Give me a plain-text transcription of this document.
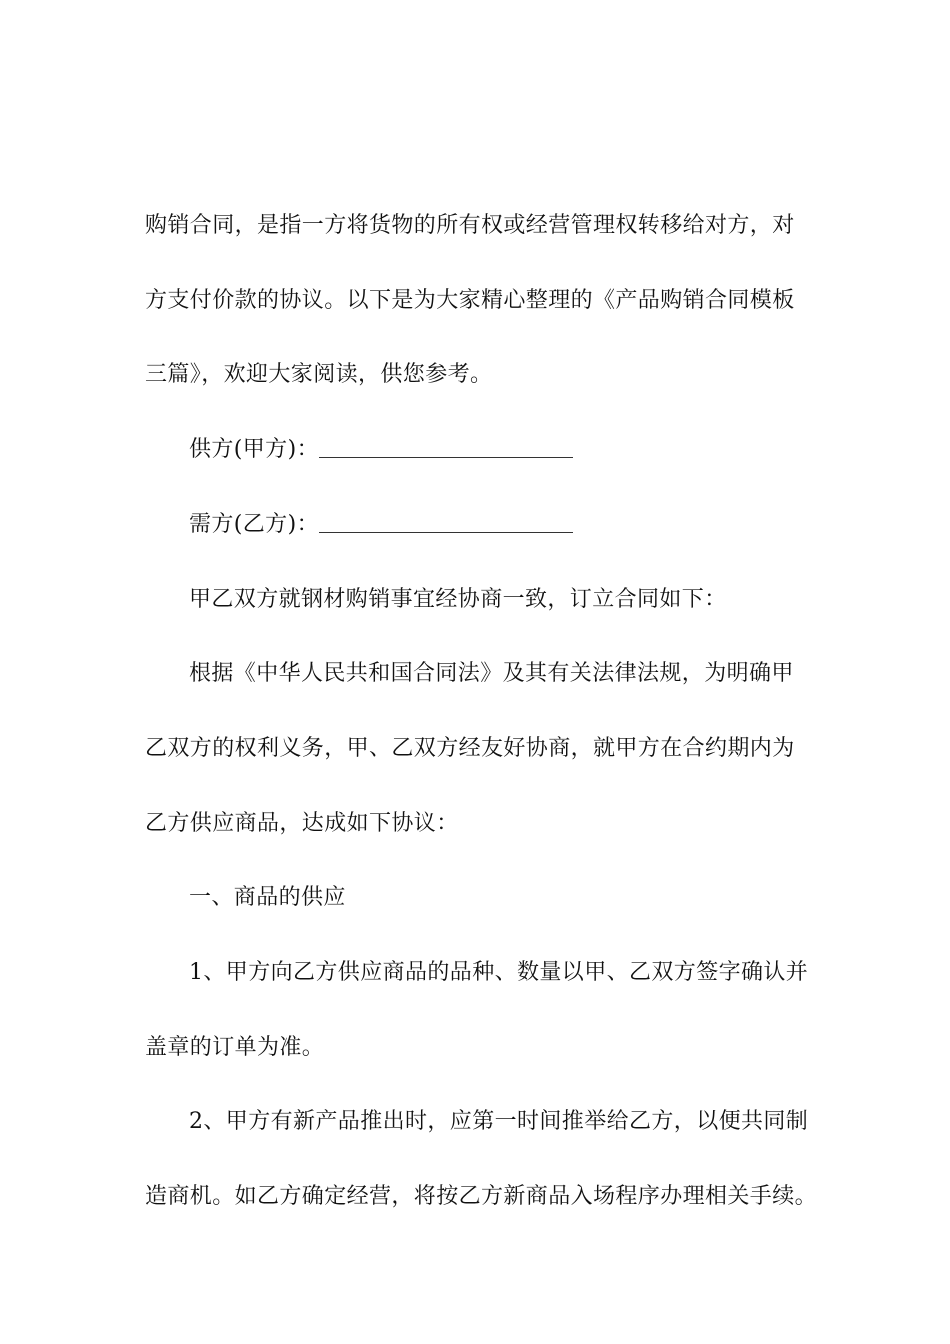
购销合同，是指一方将货物的所有权或经营管理权转移给对方，对
方支付价款的协议。以下是为大家精心整理的《产品购销合同模板
三篇》，欢迎大家阅读，供您参考。
供方(甲方)：
需方(乙方)：
甲乙双方就钢材购销事宜经协商一致，订立合同如下：
根据《中华人民共和国合同法》及其有关法律法规，为明确甲
乙双方的权利义务，甲、乙双方经友好协商，就甲方在合约期内为
乙方供应商品，达成如下协议：
一、商品的供应
1、甲方向乙方供应商品的品种、数量以甲、乙双方签字确认并
盖章的订单为准。
2、甲方有新产品推出时，应第一时间推举给乙方，以便共同制
造商机。如乙方确定经营，将按乙方新商品入场程序办理相关手续。
